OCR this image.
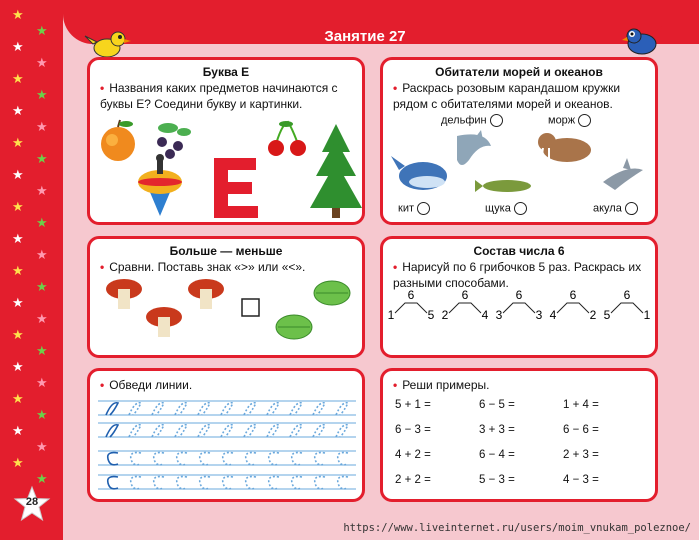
★
★
★
★
★
★
★
★
★
★
★
★
★
★
★
★
★
★
★
★
★
★
★
★
★
★
★
★
★
★
28
Занятие 27
Буква Е
• Названия каких предметов начинаются с буквы Е? Соедини букву и картинки.
Обитатели морей и океанов
• Раскрась розовым карандашом кружки рядом с обитателями морей и океанов.
дельфин	морж
кит	щука	акула
Больше — меньше
• Сравни. Поставь знак «>» или «<».
Состав числа 6
• Нарисуй по 6 грибочков 5 раз. Раскрась их разными способами.
6
1	5
6
2	4
6
3	3
6
4	2
6
5	1
• Обведи линии.	• Реши примеры.
5 + 1 =	6 − 5 =	1 + 4 =
6 − 3 =	3 + 3 =	6 − 6 =
4 + 2 =	6 − 4 =	2 + 3 =
2 + 2 =	5 − 3 =	4 − 3 =
https://www.liveinternet.ru/users/moim_vnukam_poleznoe/
